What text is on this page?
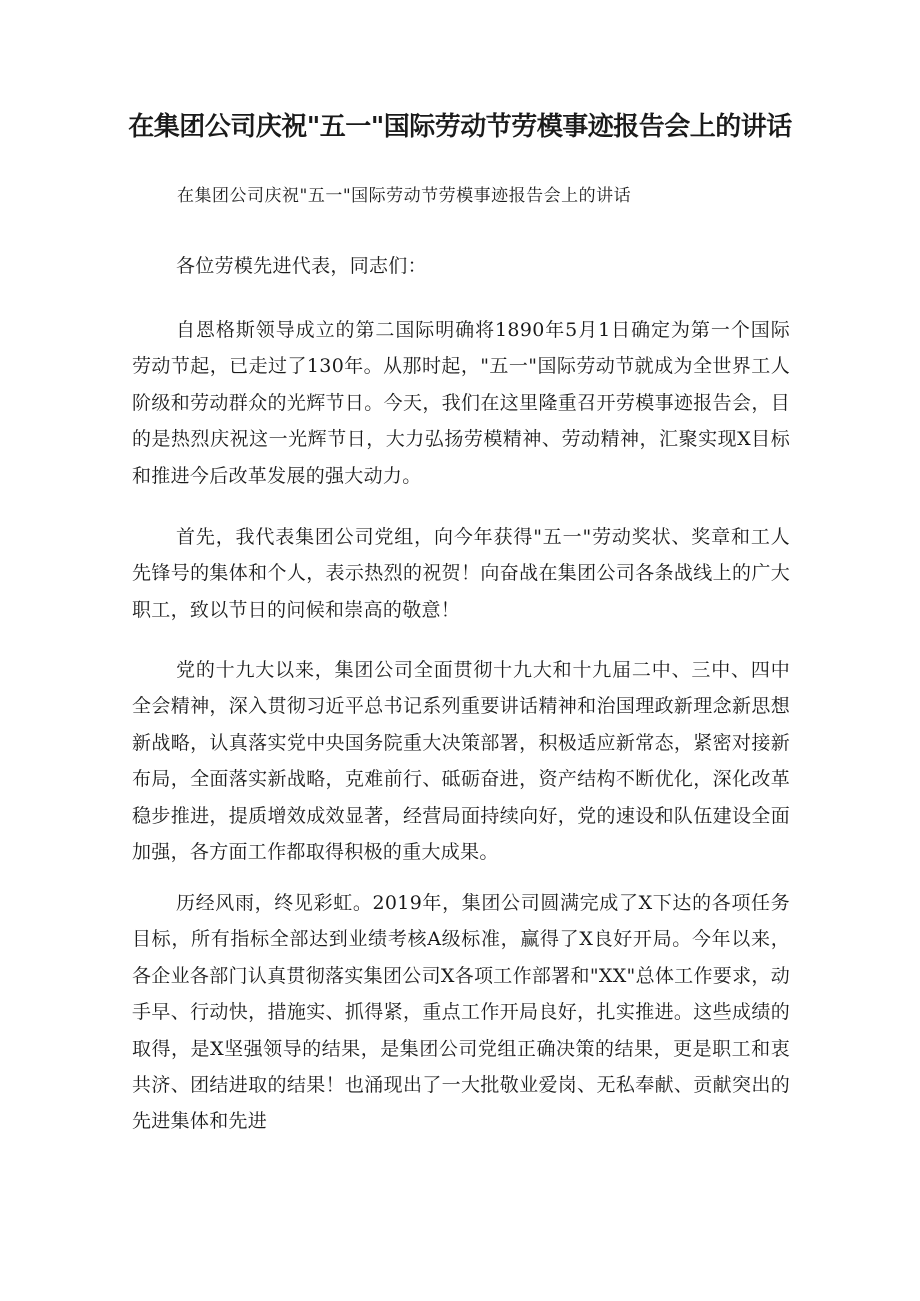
在集团公司庆祝"五一"国际劳动节劳模事迹报告会上的讲话

在集团公司庆祝"五一"国际劳动节劳模事迹报告会上的讲话

各位劳模先进代表，同志们：

自恩格斯领导成立的第二国际明确将1890年5月1日确定为第一个国际劳动节起，已走过了130年。从那时起，"五一"国际劳动节就成为全世界工人阶级和劳动群众的光辉节日。今天，我们在这里隆重召开劳模事迹报告会，目的是热烈庆祝这一光辉节日，大力弘扬劳模精神、劳动精神，汇聚实现X目标和推进今后改革发展的强大动力。

首先，我代表集团公司党组，向今年获得"五一"劳动奖状、奖章和工人先锋号的集体和个人，表示热烈的祝贺！向奋战在集团公司各条战线上的广大职工，致以节日的问候和崇高的敬意！

党的十九大以来，集团公司全面贯彻十九大和十九届二中、三中、四中全会精神，深入贯彻习近平总书记系列重要讲话精神和治国理政新理念新思想新战略，认真落实党中央国务院重大决策部署，积极适应新常态，紧密对接新布局，全面落实新战略，克难前行、砥砺奋进，资产结构不断优化，深化改革稳步推进，提质增效成效显著，经营局面持续向好，党的速设和队伍建设全面加强，各方面工作都取得积极的重大成果。

历经风雨，终见彩虹。2019年，集团公司圆满完成了X下达的各项任务目标，所有指标全部达到业绩考核A级标准，赢得了X良好开局。今年以来，各企业各部门认真贯彻落实集团公司X各项工作部署和"XX"总体工作要求，动手早、行动快，措施实、抓得紧，重点工作开局良好，扎实推进。这些成绩的取得，是X坚强领导的结果，是集团公司党组正确决策的结果，更是职工和衷共济、团结进取的结果！也涌现出了一大批敬业爱岗、无私奉献、贡献突出的先进集体和先进
